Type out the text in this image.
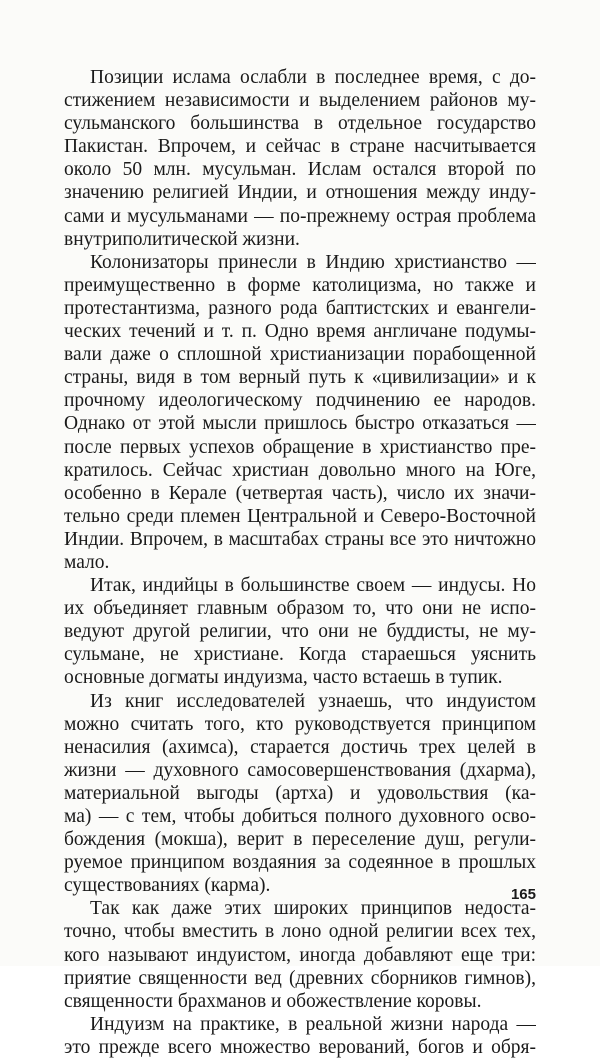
Позиции ислама ослабли в последнее время, с до-
стижением независимости и выделением районов му-
сульманского большинства в отдельное государство
Пакистан. Впрочем, и сейчас в стране насчитывается
около 50 млн. мусульман. Ислам остался второй по
значению религией Индии, и отношения между инду-
сами и мусульманами — по-прежнему острая проблема
внутриполитической жизни.
Колонизаторы принесли в Индию христианство —
преимущественно в форме католицизма, но также и
протестантизма, разного рода баптистских и евангели-
ческих течений и т. п. Одно время англичане подумы-
вали даже о сплошной христианизации порабощенной
страны, видя в том верный путь к «цивилизации» и к
прочному идеологическому подчинению ее народов.
Однако от этой мысли пришлось быстро отказаться —
после первых успехов обращение в христианство пре-
кратилось. Сейчас христиан довольно много на Юге,
особенно в Керале (четвертая часть), число их значи-
тельно среди племен Центральной и Северо-Восточной
Индии. Впрочем, в масштабах страны все это ничтожно
мало.
Итак, индийцы в большинстве своем — индусы. Но
их объединяет главным образом то, что они не испо-
ведуют другой религии, что они не буддисты, не му-
сульмане, не христиане. Когда стараешься уяснить
основные догматы индуизма, часто встаешь в тупик.
Из книг исследователей узнаешь, что индуистом
можно считать того, кто руководствуется принципом
ненасилия (ахимса), старается достичь трех целей в
жизни — духовного самосовершенствования (дхарма),
материальной выгоды (артха) и удовольствия (ка-
ма) — с тем, чтобы добиться полного духовного осво-
бождения (мокша), верит в переселение душ, регули-
руемое принципом воздаяния за содеянное в прошлых
существованиях (карма).
Так как даже этих широких принципов недоста-
точно, чтобы вместить в лоно одной религии всех тех,
кого называют индуистом, иногда добавляют еще три:
приятие священности вед (древних сборников гимнов),
священности брахманов и обожествление коровы.
Индуизм на практике, в реальной жизни народа —
это прежде всего множество верований, богов и обря-
165
